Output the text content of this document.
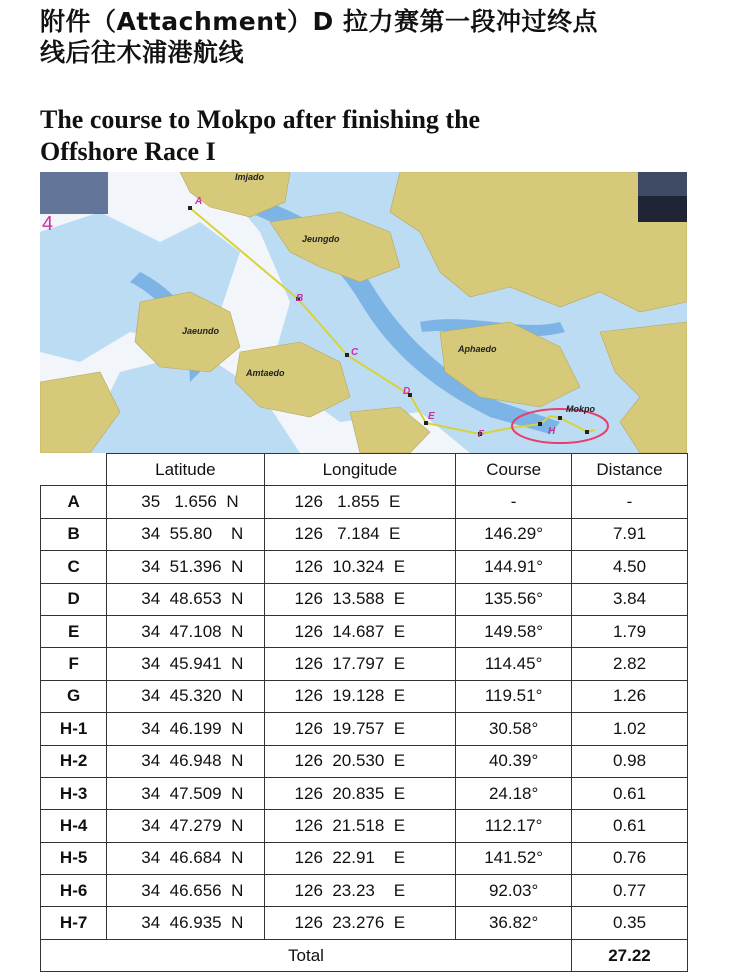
附件（Attachment）D 拉力赛第一段冲过终点
线后往木浦港航线
The course to Mokpo after finishing the
Offshore Race I
4
A
B
C
D
E
F	H
Imjado
Jeungdo
Jaeundo
Amtaedo
Aphaedo
Mokpo
	Latitude	Longitude	Course	Distance
A	35   1.656  N	126   1.855  E	-	-
B	34  55.80    N	126   7.184  E	146.29°	7.91
C	34  51.396  N	126  10.324  E	144.91°	4.50
D	34  48.653  N	126  13.588  E	135.56°	3.84
E	34  47.108  N	126  14.687  E	149.58°	1.79
F	34  45.941  N	126  17.797  E	114.45°	2.82
G	34  45.320  N	126  19.128  E	119.51°	1.26
H-1	34  46.199  N	126  19.757  E	30.58°	1.02
H-2	34  46.948  N	126  20.530  E	40.39°	0.98
H-3	34  47.509  N	126  20.835  E	24.18°	0.61
H-4	34  47.279  N	126  21.518  E	112.17°	0.61
H-5	34  46.684  N	126  22.91    E	141.52°	0.76
H-6	34  46.656  N	126  23.23    E	92.03°	0.77
H-7	34  46.935  N	126  23.276  E	36.82°	0.35
Total				27.22
